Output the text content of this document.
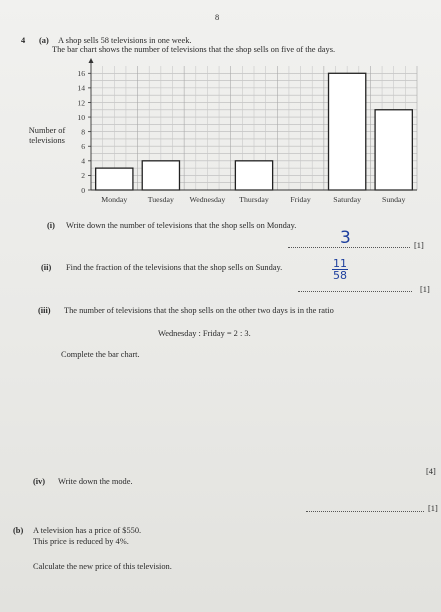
8
4 (a) A shop sells 58 televisions in one week.
The bar chart shows the number of televisions that the shop sells on five of the days.
Number of
televisions
0
2
4
6
8
10
12
14
16
Monday	Tuesday Wednesday Thursday	Friday	Saturday	Sunday
(i) Write down the number of televisions that the shop sells on Monday.
3	[1]
(ii) Find the fraction of the televisions that the shop sells on Sunday.	11
58
[1]
(iii) The number of televisions that the shop sells on the other two days is in the ratio
Wednesday : Friday = 2 : 3.
Complete the bar chart.
[4]
(iv) Write down the mode.
[1]
(b) A television has a price of $550.
This price is reduced by 4%.
Calculate the new price of this television.
